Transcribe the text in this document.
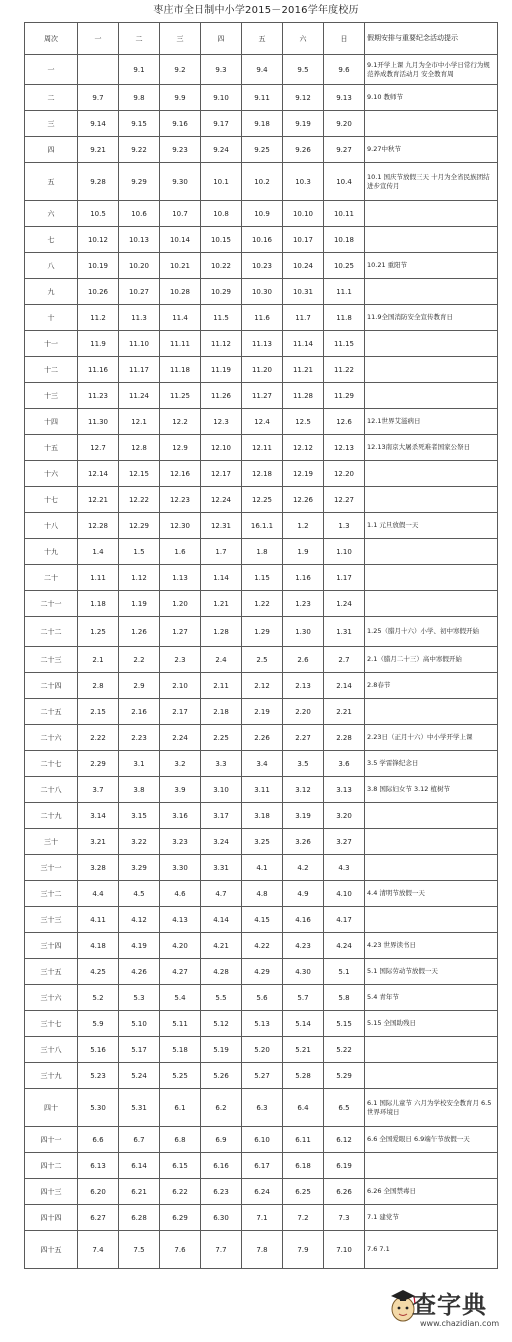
枣庄市全日制中小学2015－2016学年度校历
周次	一	二	三	四	五	六	日	假期安排与重要纪念活动提示
一		9.1	9.2	9.3	9.4	9.5	9.6	9.1开学上课 九月为全市中小学日常行为规范养成教育活动月 安全教育周
二	9.7	9.8	9.9	9.10	9.11	9.12	9.13	9.10 教师节
三	9.14	9.15	9.16	9.17	9.18	9.19	9.20	
四	9.21	9.22	9.23	9.24	9.25	9.26	9.27	9.27中秋节
五	9.28	9.29	9.30	10.1	10.2	10.3	10.4	10.1 国庆节放假三天 十月为全省民族团结进步宣传月
六	10.5	10.6	10.7	10.8	10.9	10.10	10.11	
七	10.12	10.13	10.14	10.15	10.16	10.17	10.18	
八	10.19	10.20	10.21	10.22	10.23	10.24	10.25	10.21 重阳节
九	10.26	10.27	10.28	10.29	10.30	10.31	11.1	
十	11.2	11.3	11.4	11.5	11.6	11.7	11.8	11.9全国消防安全宣传教育日
十一	11.9	11.10	11.11	11.12	11.13	11.14	11.15	
十二	11.16	11.17	11.18	11.19	11.20	11.21	11.22	
十三	11.23	11.24	11.25	11.26	11.27	11.28	11.29	
十四	11.30	12.1	12.2	12.3	12.4	12.5	12.6	12.1世界艾滋病日
十五	12.7	12.8	12.9	12.10	12.11	12.12	12.13	12.13南京大屠杀死难者国家公祭日
十六	12.14	12.15	12.16	12.17	12.18	12.19	12.20	
十七	12.21	12.22	12.23	12.24	12.25	12.26	12.27	
十八	12.28	12.29	12.30	12.31	16.1.1	1.2	1.3	1.1 元旦放假一天
十九	1.4	1.5	1.6	1.7	1.8	1.9	1.10	
二十	1.11	1.12	1.13	1.14	1.15	1.16	1.17	
二十一	1.18	1.19	1.20	1.21	1.22	1.23	1.24	
二十二	1.25	1.26	1.27	1.28	1.29	1.30	1.31	1.25（腊月十六）小学、初中寒假开始
二十三	2.1	2.2	2.3	2.4	2.5	2.6	2.7	2.1（腊月二十三）高中寒假开始
二十四	2.8	2.9	2.10	2.11	2.12	2.13	2.14	2.8春节
二十五	2.15	2.16	2.17	2.18	2.19	2.20	2.21	
二十六	2.22	2.23	2.24	2.25	2.26	2.27	2.28	2.23日（正月十六）中小学开学上课
二十七	2.29	3.1	3.2	3.3	3.4	3.5	3.6	3.5 学雷锋纪念日
二十八	3.7	3.8	3.9	3.10	3.11	3.12	3.13	3.8 国际妇女节 3.12 植树节
二十九	3.14	3.15	3.16	3.17	3.18	3.19	3.20	
三十	3.21	3.22	3.23	3.24	3.25	3.26	3.27	
三十一	3.28	3.29	3.30	3.31	4.1	4.2	4.3	
三十二	4.4	4.5	4.6	4.7	4.8	4.9	4.10	4.4 清明节放假一天
三十三	4.11	4.12	4.13	4.14	4.15	4.16	4.17	
三十四	4.18	4.19	4.20	4.21	4.22	4.23	4.24	4.23 世界读书日
三十五	4.25	4.26	4.27	4.28	4.29	4.30	5.1	5.1 国际劳动节放假一天
三十六	5.2	5.3	5.4	5.5	5.6	5.7	5.8	5.4 青年节
三十七	5.9	5.10	5.11	5.12	5.13	5.14	5.15	5.15 全国助残日
三十八	5.16	5.17	5.18	5.19	5.20	5.21	5.22	
三十九	5.23	5.24	5.25	5.26	5.27	5.28	5.29	
四十	5.30	5.31	6.1	6.2	6.3	6.4	6.5	6.1 国际儿童节 六月为学校安全教育月 6.5世界环境日
四十一	6.6	6.7	6.8	6.9	6.10	6.11	6.12	6.6 全国爱眼日 6.9端午节放假一天
四十二	6.13	6.14	6.15	6.16	6.17	6.18	6.19	
四十三	6.20	6.21	6.22	6.23	6.24	6.25	6.26	6.26 全国禁毒日
四十四	6.27	6.28	6.29	6.30	7.1	7.2	7.3	7.1 建党节
四十五	7.4	7.5	7.6	7.7	7.8	7.9	7.10	7.6 7.1
查字典
www.chazidian.com
